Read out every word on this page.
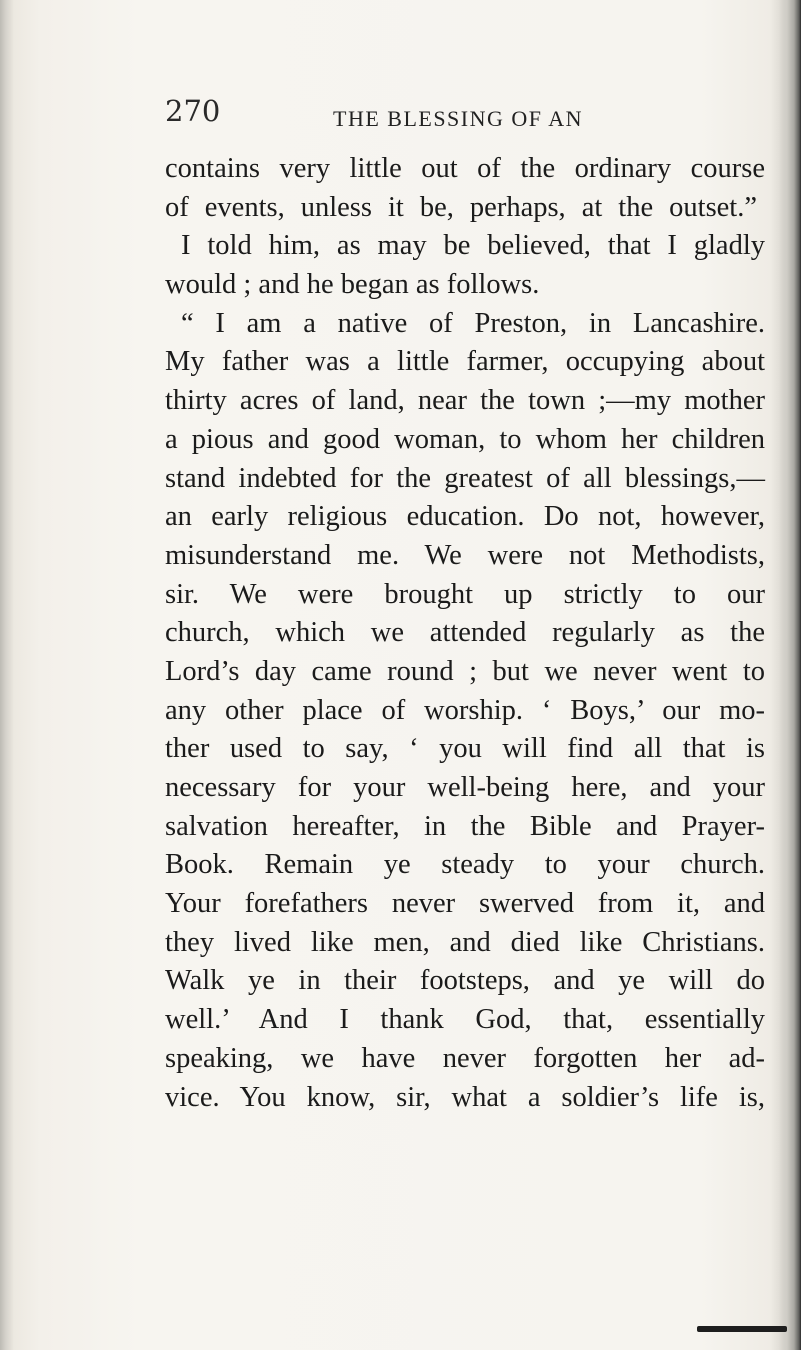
270	THE BLESSING OF AN
contains very little out of the ordinary course
of events, unless it be, perhaps, at the outset.”
I told him, as may be believed, that I gladly
would ; and he began as follows.
“ I am a native of Preston, in Lancashire.
My father was a little farmer, occupying about
thirty acres of land, near the town ;—my mother
a pious and good woman, to whom her children
stand indebted for the greatest of all blessings,—
an early religious education. Do not, however,
misunderstand me. We were not Methodists,
sir. We were brought up strictly to our
church, which we attended regularly as the
Lord’s day came round ; but we never went to
any other place of worship. ‘ Boys,’ our mo-
ther used to say, ‘ you will find all that is
necessary for your well-being here, and your
salvation hereafter, in the Bible and Prayer-
Book. Remain ye steady to your church.
Your forefathers never swerved from it, and
they lived like men, and died like Christians.
Walk ye in their footsteps, and ye will do
well.’ And I thank God, that, essentially
speaking, we have never forgotten her ad-
vice. You know, sir, what a soldier’s life is,
